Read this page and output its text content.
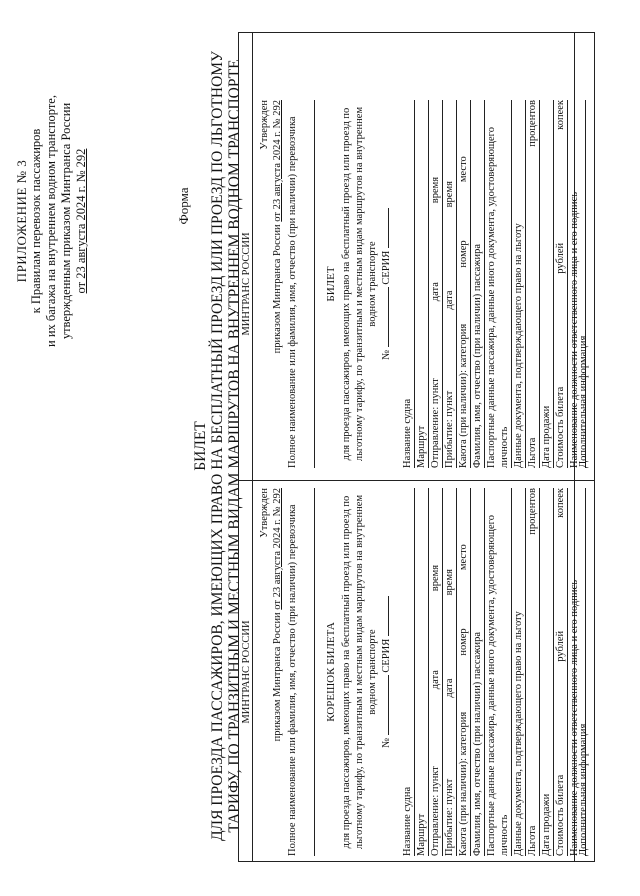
ПРИЛОЖЕНИЕ № 3 к Правилам перевозок пассажиров и их багажа на внутреннем водном транспорте, утвержденным приказом Минтранса России от 23 августа 2024 г. № 292	Форма
БИЛЕТ ДЛЯ ПРОЕЗДА ПАССАЖИРОВ, ИМЕЮЩИХ ПРАВО НА БЕСПЛАТНЫЙ ПРОЕЗД ИЛИ ПРОЕЗД ПО ЛЬГОТНОМУ ТАРИФУ, ПО ТРАНЗИТНЫМ И МЕСТНЫМ ВИДАМ МАРШРУТОВ НА ВНУТРЕННЕМ ВОДНОМ ТРАНСПОРТЕ
МИНТРАНС РОССИИ
Утвержден
приказом Минтранса России от 23 августа 2024 г. № 292 Полное наименование или фамилия, имя, отчество (при наличии) перевозчика КОРЕШОК БИЛЕТА для проезда пассажиров, имеющих право на бесплатный проезд или проезд по льготному тарифу, по транзитным и местным видам маршрутов на внутреннем водном транспорте
№  СЕРИЯ
Название судна Маршрут Отправление: пункт
дата
время
Прибытие: пункт
дата
время
Каюта (при наличии): категория
номер
место
Фамилия, имя, отчество (при наличии) пассажира Паспортные данные пассажира, данные иного документа, удостоверяющего личность Данные документа, подтверждающего право на льготу Льгота
процентов
Дата продажи Стоимость билета
рублей
копеек
Наименование должности ответственного лица и его подпись
Дополнительная информация
МИНТРАНС РОССИИ
Утвержден
приказом Минтранса России от 23 августа 2024 г. № 292 Полное наименование или фамилия, имя, отчество (при наличии) перевозчика БИЛЕТ для проезда пассажиров, имеющих право на бесплатный проезд или проезд по льготному тарифу, по транзитным и местным видам маршрутов на внутреннем водном транспорте
№  СЕРИЯ
Название судна Маршрут Отправление: пункт
дата
время
Прибытие: пункт
дата
время
Каюта (при наличии): категория
номер
место
Фамилия, имя, отчество (при наличии) пассажира Паспортные данные пассажира, данные иного документа, удостоверяющего личность Данные документа, подтверждающего право на льготу Льгота
процентов
Дата продажи Стоимость билета
рублей
копеек
Наименование должности ответственного лица и его подпись
Дополнительная информация
